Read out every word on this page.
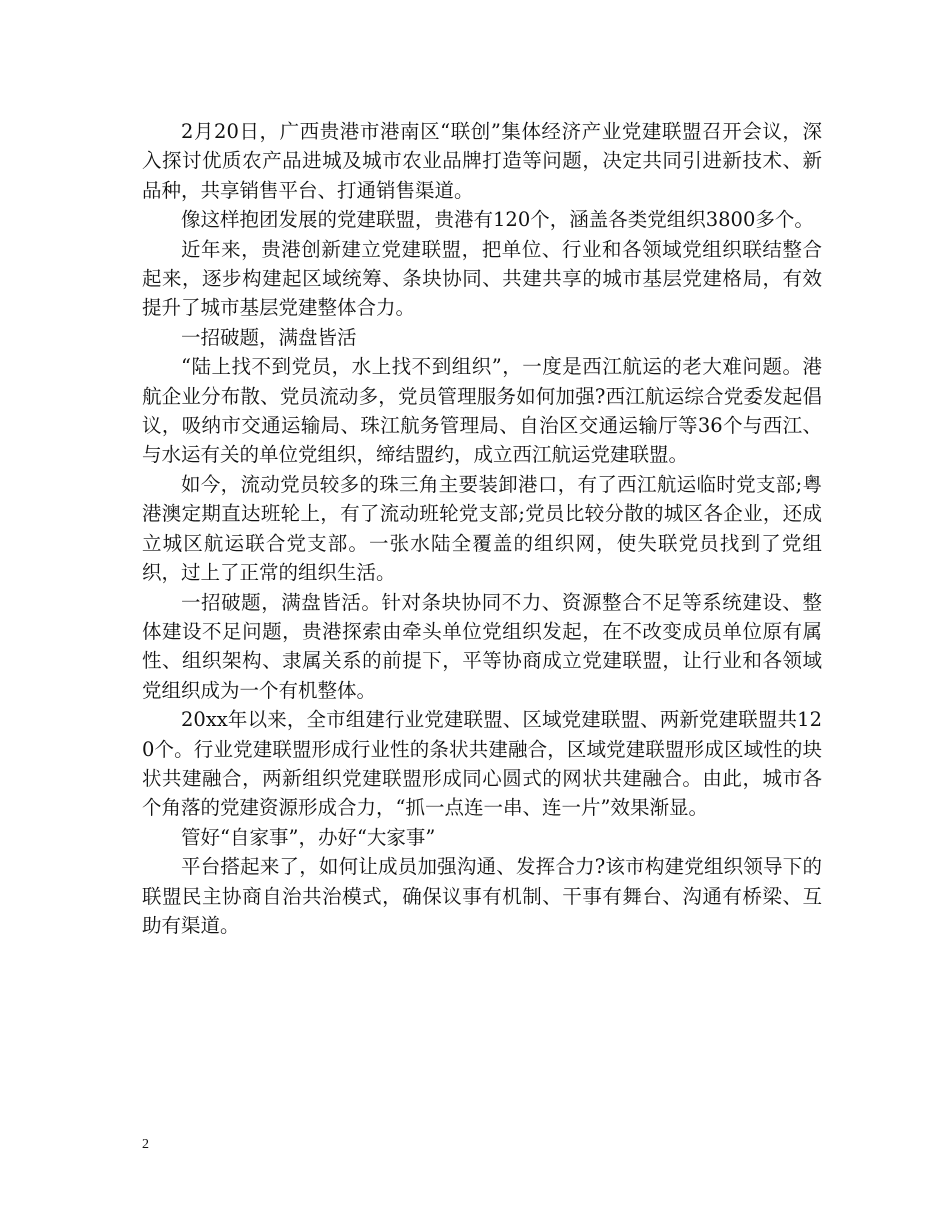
2月20日，广西贵港市港南区“联创”集体经济产业党建联盟召开会议，深入探讨优质农产品进城及城市农业品牌打造等问题，决定共同引进新技术、新品种，共享销售平台、打通销售渠道。

像这样抱团发展的党建联盟，贵港有120个，涵盖各类党组织3800多个。

近年来，贵港创新建立党建联盟，把单位、行业和各领域党组织联结整合起来，逐步构建起区域统筹、条块协同、共建共享的城市基层党建格局，有效提升了城市基层党建整体合力。

一招破题，满盘皆活

“陆上找不到党员，水上找不到组织”，一度是西江航运的老大难问题。港航企业分布散、党员流动多，党员管理服务如何加强?西江航运综合党委发起倡议，吸纳市交通运输局、珠江航务管理局、自治区交通运输厅等36个与西江、与水运有关的单位党组织，缔结盟约，成立西江航运党建联盟。

如今，流动党员较多的珠三角主要装卸港口，有了西江航运临时党支部;粤港澳定期直达班轮上，有了流动班轮党支部;党员比较分散的城区各企业，还成立城区航运联合党支部。一张水陆全覆盖的组织网，使失联党员找到了党组织，过上了正常的组织生活。

一招破题，满盘皆活。针对条块协同不力、资源整合不足等系统建设、整体建设不足问题，贵港探索由牵头单位党组织发起，在不改变成员单位原有属性、组织架构、隶属关系的前提下，平等协商成立党建联盟，让行业和各领域党组织成为一个有机整体。

20xx年以来，全市组建行业党建联盟、区域党建联盟、两新党建联盟共120个。行业党建联盟形成行业性的条状共建融合，区域党建联盟形成区域性的块状共建融合，两新组织党建联盟形成同心圆式的网状共建融合。由此，城市各个角落的党建资源形成合力，“抓一点连一串、连一片”效果渐显。

管好“自家事”，办好“大家事”

平台搭起来了，如何让成员加强沟通、发挥合力?该市构建党组织领导下的联盟民主协商自治共治模式，确保议事有机制、干事有舞台、沟通有桥梁、互助有渠道。

2
